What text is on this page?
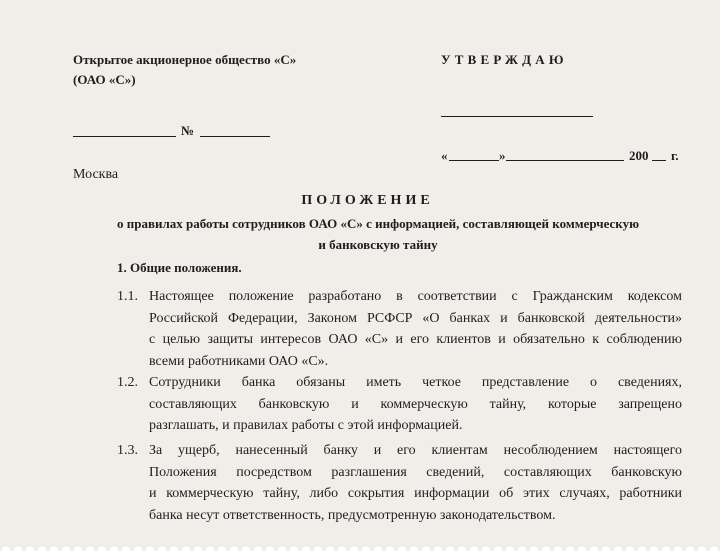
Открытое акционерное общество «С»
(ОАО «С»)
№
Москва
УТВЕРЖДАЮ
«	»	200 г.
ПОЛОЖЕНИЕ
о правилах работы сотрудников ОАО «С» с информацией, составляющей коммерческую
и банковскую тайну
1. Общие положения.
1.1. Настоящее положение разработано в соответствии с Гражданским кодексом
Российской Федерации, Законом РСФСР «О банках и банковской деятельности»
с целью защиты интересов ОАО «С» и его клиентов и обязательно к соблюдению
всеми работниками ОАО «С».
1.2. Сотрудники банка обязаны иметь четкое представление о сведениях,
составляющих банковскую и коммерческую тайну, которые запрещено
разглашать, и правилах работы с этой информацией.
1.3. За ущерб, нанесенный банку и его клиентам несоблюдением настоящего
Положения посредством разглашения сведений, составляющих банковскую
и коммерческую тайну, либо сокрытия информации об этих случаях, работники
банка несут ответственность, предусмотренную законодательством.
